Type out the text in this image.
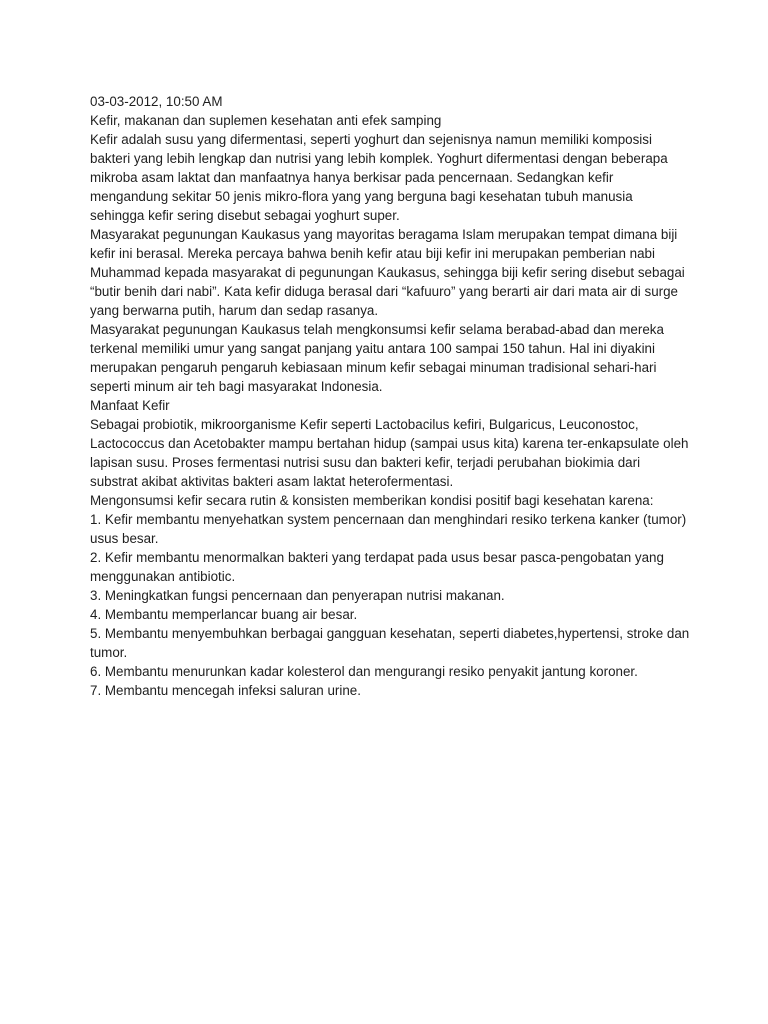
03-03-2012, 10:50 AM

Kefir, makanan dan suplemen kesehatan anti efek samping

Kefir adalah susu yang difermentasi, seperti yoghurt dan sejenisnya namun memiliki komposisi bakteri yang lebih lengkap dan nutrisi yang lebih komplek. Yoghurt difermentasi dengan beberapa mikroba asam laktat dan manfaatnya hanya berkisar pada pencernaan. Sedangkan kefir mengandung sekitar 50 jenis mikro-flora yang yang berguna bagi kesehatan tubuh manusia sehingga kefir sering disebut sebagai yoghurt super.

Masyarakat pegunungan Kaukasus yang mayoritas beragama Islam merupakan tempat dimana biji kefir ini berasal. Mereka percaya bahwa benih kefir atau biji kefir ini merupakan pemberian nabi Muhammad kepada masyarakat di pegunungan Kaukasus, sehingga biji kefir sering disebut sebagai “butir benih dari nabi”. Kata kefir diduga berasal dari “kafuuro” yang berarti air dari mata air di surge yang berwarna putih, harum dan sedap rasanya.

Masyarakat pegunungan Kaukasus telah mengkonsumsi kefir selama berabad-abad dan mereka terkenal memiliki umur yang sangat panjang yaitu antara 100 sampai 150 tahun. Hal ini diyakini merupakan pengaruh pengaruh kebiasaan minum kefir sebagai minuman tradisional sehari-hari seperti minum air teh bagi masyarakat Indonesia.

Manfaat Kefir

Sebagai probiotik, mikroorganisme Kefir seperti Lactobacilus kefiri, Bulgaricus, Leuconostoc, Lactococcus dan Acetobakter mampu bertahan hidup (sampai usus kita) karena ter-enkapsulate oleh lapisan susu. Proses fermentasi nutrisi susu dan bakteri kefir, terjadi perubahan biokimia dari substrat akibat aktivitas bakteri asam laktat heterofermentasi.

Mengonsumsi kefir secara rutin & konsisten memberikan kondisi positif bagi kesehatan karena:

1. Kefir membantu menyehatkan system pencernaan dan menghindari resiko terkena kanker (tumor) usus besar.

2. Kefir membantu menormalkan bakteri yang terdapat pada usus besar pasca-pengobatan yang menggunakan antibiotic.

3. Meningkatkan fungsi pencernaan dan penyerapan nutrisi makanan.

4. Membantu memperlancar buang air besar.

5. Membantu menyembuhkan berbagai gangguan kesehatan, seperti diabetes,hypertensi, stroke dan tumor.

6. Membantu menurunkan kadar kolesterol dan mengurangi resiko penyakit jantung koroner.

7. Membantu mencegah infeksi saluran urine.
